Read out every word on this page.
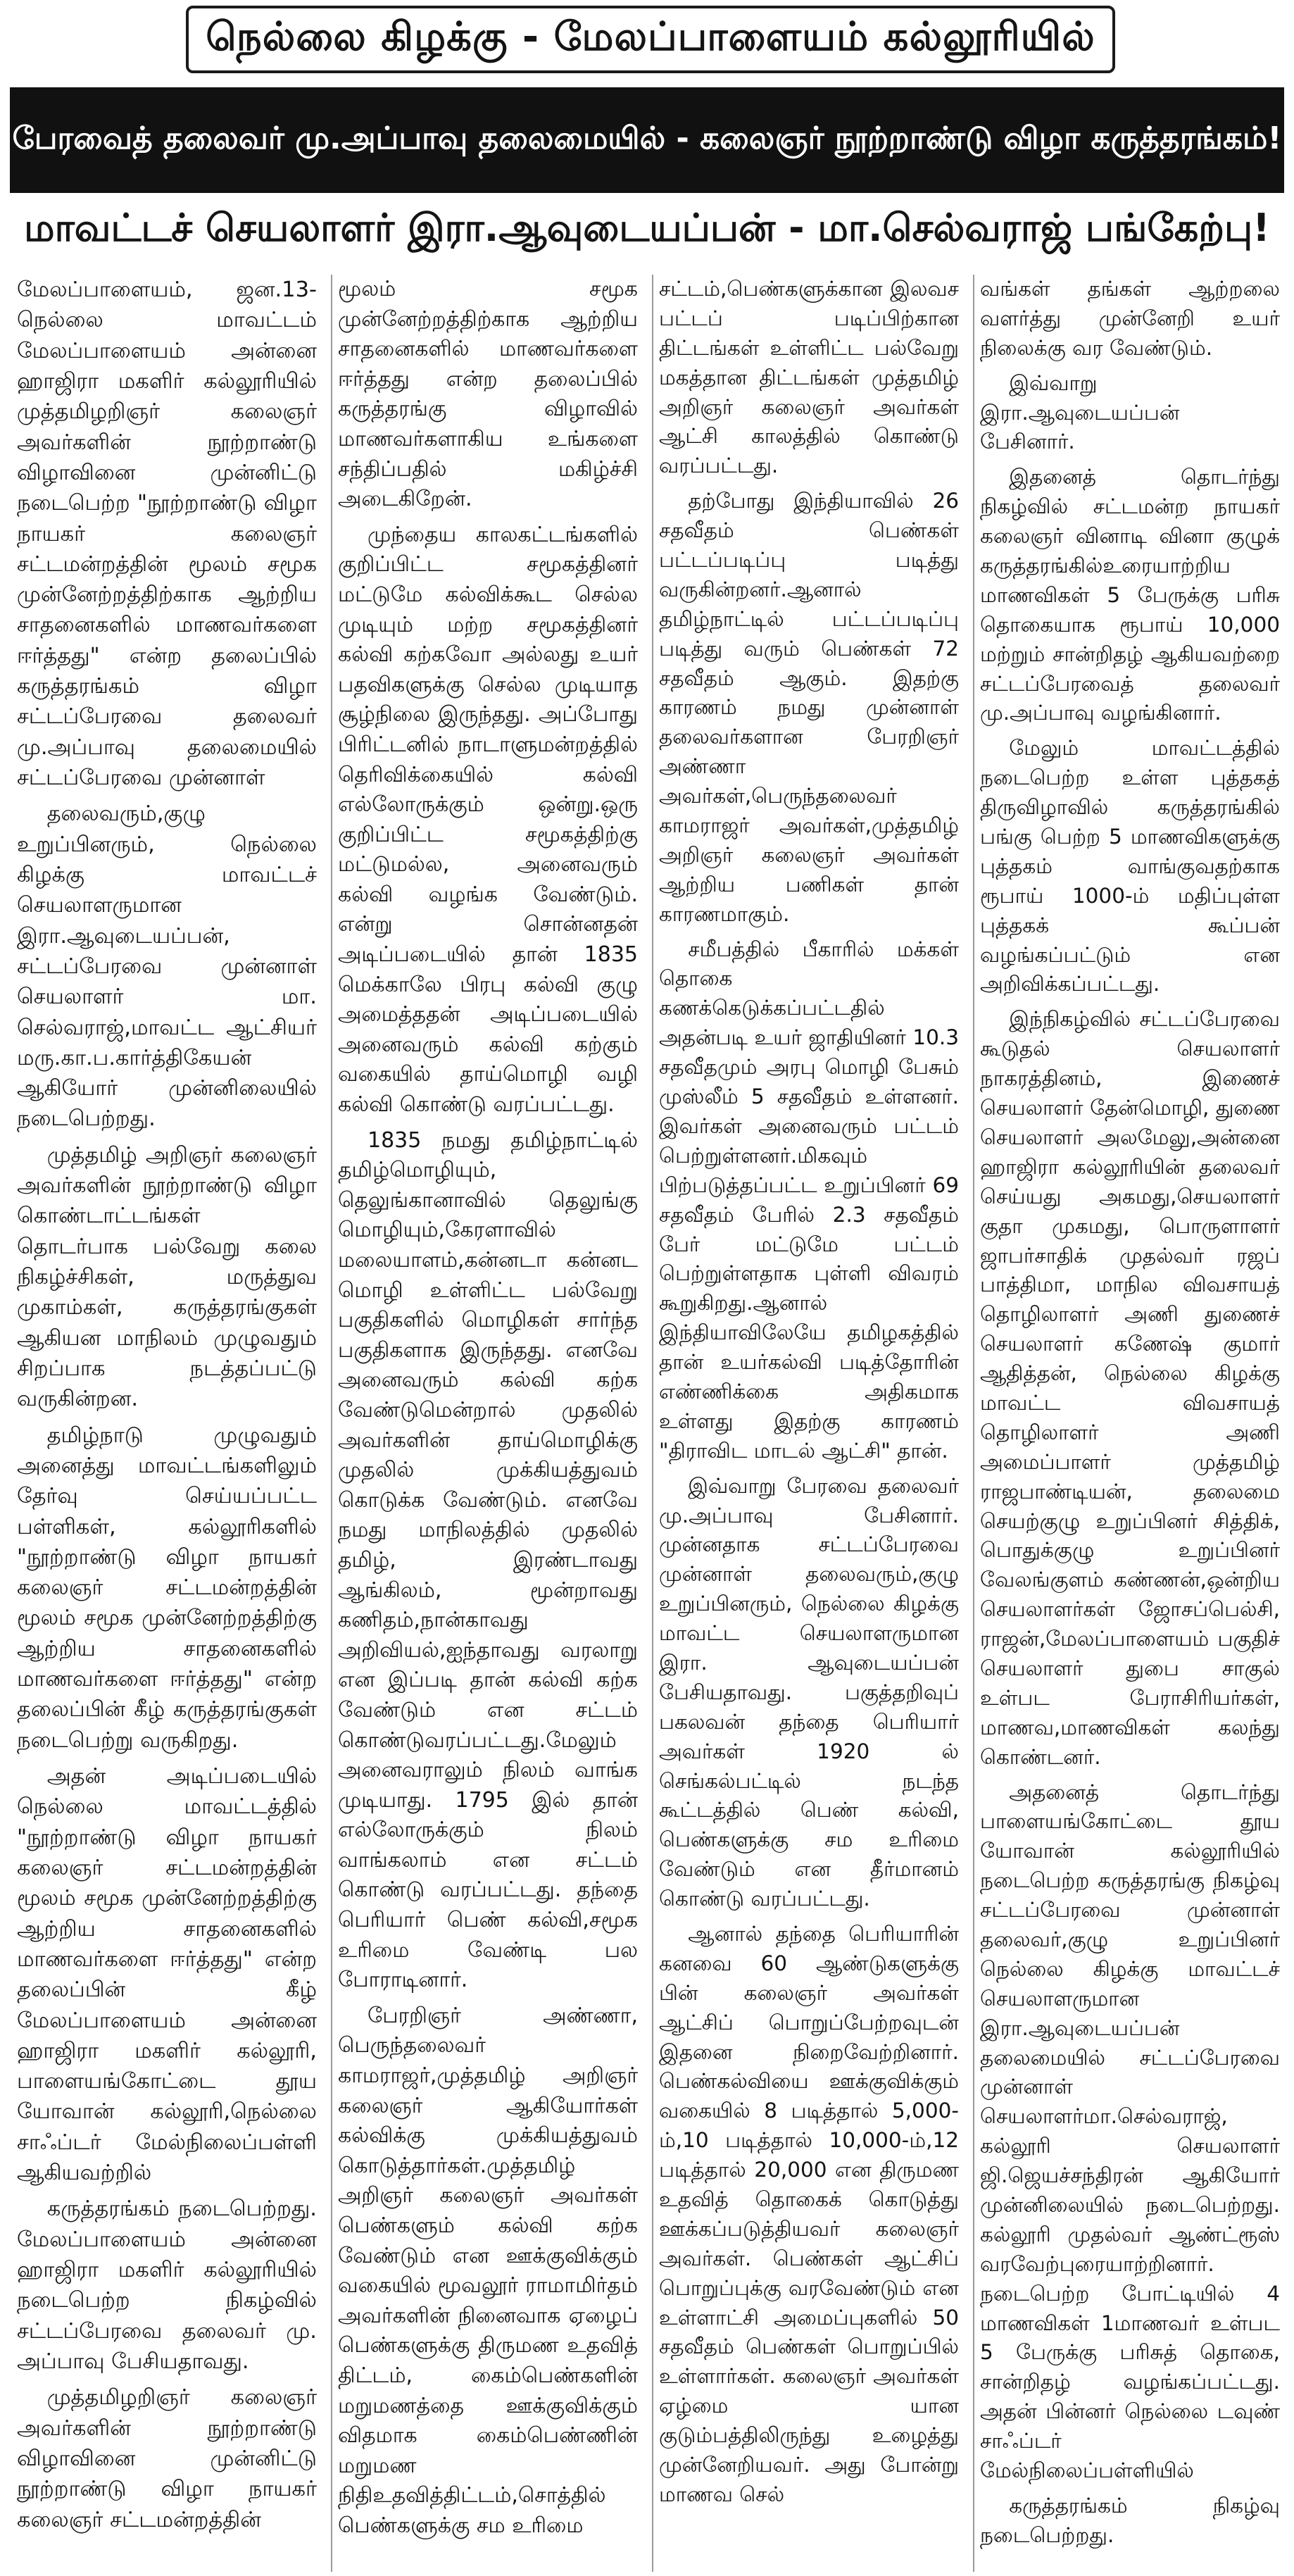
நெல்லை கிழக்கு - மேலப்பாளையம் கல்லூரியில்
பேரவைத் தலைவர் மு.அப்பாவு தலைமையில் - கலைஞர் நூற்றாண்டு விழா கருத்தரங்கம்!
மாவட்டச் செயலாளர் இரா.ஆவுடையப்பன் - மா.செல்வராஜ் பங்கேற்பு!

மேலப்பாளையம், ஜன.13- நெல்லை மாவட்டம் மேலப்பாளையம் அன்னை ஹாஜிரா மகளிர் கல்லூரியில் முத்தமிழறிஞர் கலைஞர் அவர்களின் நூற்றாண்டு விழாவினை முன்னிட்டு நடைபெற்ற "நூற்றாண்டு விழா நாயகர் கலைஞர் சட்டமன்றத்தின் மூலம் சமூக முன்னேற்றத்திற்காக ஆற்றிய சாதனைகளில் மாணவர்களை ஈர்த்தது" என்ற தலைப்பில் கருத்தரங்கம் விழா சட்டப்பேரவை தலைவர் மு.அப்பாவு தலைமையில் சட்டப்பேரவை முன்னாள்

தலைவரும்,குழு உறுப்பினரும், நெல்லை கிழக்கு மாவட்டச் செயலாளருமான இரா.ஆவுடையப்பன், சட்டப்பேரவை முன்னாள் செயலாளர் மா. செல்வராஜ்,மாவட்ட ஆட்சியர் மரு.கா.ப.கார்த்திகேயன் ஆகியோர் முன்னிலையில் நடைபெற்றது.

முத்தமிழ் அறிஞர் கலைஞர் அவர்களின் நூற்றாண்டு விழா கொண்டாட்டங்கள் தொடர்பாக பல்வேறு கலை நிகழ்ச்சிகள், மருத்துவ முகாம்கள், கருத்தரங்குகள் ஆகியன மாநிலம் முழுவதும் சிறப்பாக நடத்தப்பட்டு வருகின்றன.

தமிழ்நாடு முழுவதும் அனைத்து மாவட்டங்களிலும் தேர்வு செய்யப்பட்ட பள்ளிகள், கல்லூரிகளில் "நூற்றாண்டு விழா நாயகர் கலைஞர் சட்டமன்றத்தின் மூலம் சமூக முன்னேற்றத்திற்கு ஆற்றிய சாதனைகளில் மாணவர்களை ஈர்த்தது" என்ற தலைப்பின் கீழ் கருத்தரங்குகள் நடைபெற்று வருகிறது.

அதன் அடிப்படையில் நெல்லை மாவட்டத்தில் "நூற்றாண்டு விழா நாயகர் கலைஞர் சட்டமன்றத்தின் மூலம் சமூக முன்னேற்றத்திற்கு ஆற்றிய சாதனைகளில் மாணவர்களை ஈர்த்தது" என்ற தலைப்பின் கீழ் மேலப்பாளையம் அன்னை ஹாஜிரா மகளிர் கல்லூரி, பாளையங்கோட்டை தூய யோவான் கல்லூரி,நெல்லை சாஃப்டர் மேல்நிலைப்பள்ளி ஆகியவற்றில்

கருத்தரங்கம் நடைபெற்றது. மேலப்பாளையம் அன்னை ஹாஜிரா மகளிர் கல்லூரியில் நடைபெற்ற நிகழ்வில் சட்டப்பேரவை தலைவர் மு. அப்பாவு பேசியதாவது.

முத்தமிழறிஞர் கலைஞர் அவர்களின் நூற்றாண்டு விழாவினை முன்னிட்டு நூற்றாண்டு விழா நாயகர் கலைஞர் சட்டமன்றத்தின்

மூலம் சமூக முன்னேற்றத்திற்காக ஆற்றிய சாதனைகளில் மாணவர்களை ஈர்த்தது என்ற தலைப்பில் கருத்தரங்கு விழாவில் மாணவர்களாகிய உங்களை சந்திப்பதில் மகிழ்ச்சி அடைகிறேன்.

முந்தைய காலகட்டங்களில் குறிப்பிட்ட சமூகத்தினர் மட்டுமே கல்விக்கூட செல்ல முடியும் மற்ற சமூகத்தினர் கல்வி கற்கவோ அல்லது உயர் பதவிகளுக்கு செல்ல முடியாத சூழ்நிலை இருந்தது. அப்போது பிரிட்டனில் நாடாளுமன்றத்தில் தெரிவிக்கையில் கல்வி எல்லோருக்கும் ஒன்று.ஒரு குறிப்பிட்ட சமூகத்திற்கு மட்டுமல்ல, அனைவரும் கல்வி வழங்க வேண்டும். என்று சொன்னதன் அடிப்படையில் தான் 1835 மெக்காலே பிரபு கல்வி குழு அமைத்ததன் அடிப்படையில் அனைவரும் கல்வி கற்கும் வகையில் தாய்மொழி வழி கல்வி கொண்டு வரப்பட்டது.

1835 நமது தமிழ்நாட்டில் தமிழ்மொழியும், தெலுங்கானாவில் தெலுங்கு மொழியும்,கேரளாவில் மலையாளம்,கன்னடா கன்னட மொழி உள்ளிட்ட பல்வேறு பகுதிகளில் மொழிகள் சார்ந்த பகுதிகளாக இருந்தது. எனவே அனைவரும் கல்வி கற்க வேண்டுமென்றால் முதலில் அவர்களின் தாய்மொழிக்கு முதலில் முக்கியத்துவம் கொடுக்க வேண்டும். எனவே நமது மாநிலத்தில் முதலில் தமிழ், இரண்டாவது ஆங்கிலம், மூன்றாவது கணிதம்,நான்காவது அறிவியல்,ஐந்தாவது வரலாறு என இப்படி தான் கல்வி கற்க வேண்டும் என சட்டம் கொண்டுவரப்பட்டது.மேலும் அனைவராலும் நிலம் வாங்க முடியாது. 1795 இல் தான் எல்லோருக்கும் நிலம் வாங்கலாம் என சட்டம் கொண்டு வரப்பட்டது. தந்தை பெரியார் பெண் கல்வி,சமூக உரிமை வேண்டி பல போராடினார்.

பேரறிஞர் அண்ணா, பெருந்தலைவர் காமராஜர்,முத்தமிழ் அறிஞர் கலைஞர் ஆகியோர்கள் கல்விக்கு முக்கியத்துவம் கொடுத்தார்கள்.முத்தமிழ் அறிஞர் கலைஞர் அவர்கள் பெண்களும் கல்வி கற்க வேண்டும் என ஊக்குவிக்கும் வகையில் மூவலூர் ராமாமிர்தம் அவர்களின் நினைவாக ஏழைப் பெண்களுக்கு திருமண உதவித் திட்டம், கைம்பெண்களின் மறுமணத்தை ஊக்குவிக்கும் விதமாக கைம்பெண்ணின் மறுமண நிதிஉதவித்திட்டம்,சொத்தில் பெண்களுக்கு சம உரிமை

சட்டம்,பெண்களுக்கான இலவச பட்டப் படிப்பிற்கான திட்டங்கள் உள்ளிட்ட பல்வேறு மகத்தான திட்டங்கள் முத்தமிழ் அறிஞர் கலைஞர் அவர்கள் ஆட்சி காலத்தில் கொண்டு வரப்பட்டது.

தற்போது இந்தியாவில் 26 சதவீதம் பெண்கள் பட்டப்படிப்பு படித்து வருகின்றனர்.ஆனால் தமிழ்நாட்டில் பட்டப்படிப்பு படித்து வரும் பெண்கள் 72 சதவீதம் ஆகும். இதற்கு காரணம் நமது முன்னாள் தலைவர்களான பேரறிஞர் அண்ணா அவர்கள்,பெருந்தலைவர் காமராஜர் அவர்கள்,முத்தமிழ் அறிஞர் கலைஞர் அவர்கள் ஆற்றிய பணிகள் தான் காரணமாகும்.

சமீபத்தில் பீகாரில் மக்கள் தொகை கணக்கெடுக்கப்பட்டதில் அதன்படி உயர் ஜாதியினர் 10.3 சதவீதமும் அரபு மொழி பேசும் முஸ்லீம் 5 சதவீதம் உள்ளனர். இவர்கள் அனைவரும் பட்டம் பெற்றுள்ளனர்.மிகவும் பிற்படுத்தப்பட்ட உறுப்பினர் 69 சதவீதம் பேரில் 2.3 சதவீதம் பேர் மட்டுமே பட்டம் பெற்றுள்ளதாக புள்ளி விவரம் கூறுகிறது.ஆனால் இந்தியாவிலேயே தமிழகத்தில் தான் உயர்கல்வி படித்தோரின் எண்ணிக்கை அதிகமாக உள்ளது இதற்கு காரணம் "திராவிட மாடல் ஆட்சி" தான்.

இவ்வாறு பேரவை தலைவர் மு.அப்பாவு பேசினார். முன்னதாக சட்டப்பேரவை முன்னாள் தலைவரும்,குழு உறுப்பினரும், நெல்லை கிழக்கு மாவட்ட செயலாளருமான இரா. ஆவுடையப்பன் பேசியதாவது. பகுத்தறிவுப் பகலவன் தந்தை பெரியார் அவர்கள் 1920 ல் செங்கல்பட்டில் நடந்த கூட்டத்தில் பெண் கல்வி, பெண்களுக்கு சம உரிமை வேண்டும் என தீர்மானம் கொண்டு வரப்பட்டது.

ஆனால் தந்தை பெரியாரின் கனவை 60 ஆண்டுகளுக்கு பின் கலைஞர் அவர்கள் ஆட்சிப் பொறுப்பேற்றவுடன் இதனை நிறைவேற்றினார். பெண்கல்வியை ஊக்குவிக்கும் வகையில் 8 படித்தால் 5,000-ம்,10 படித்தால் 10,000-ம்,12 படித்தால் 20,000 என திருமண உதவித் தொகைக் கொடுத்து ஊக்கப்படுத்தியவர் கலைஞர் அவர்கள். பெண்கள் ஆட்சிப் பொறுப்புக்கு வரவேண்டும் என உள்ளாட்சி அமைப்புகளில் 50 சதவீதம் பெண்கள் பொறுப்பில் உள்ளார்கள். கலைஞர் அவர்கள் ஏழ்மை யான குடும்பத்திலிருந்து உழைத்து முன்னேறியவர். அது போன்று மாணவ செல்

வங்கள் தங்கள் ஆற்றலை வளர்த்து முன்னேறி உயர் நிலைக்கு வர வேண்டும்.

இவ்வாறு இரா.ஆவுடையப்பன் பேசினார்.

இதனைத் தொடர்ந்து நிகழ்வில் சட்டமன்ற நாயகர் கலைஞர் வினாடி வினா குழுக் கருத்தரங்கில்உரையாற்றிய மாணவிகள் 5 பேருக்கு பரிசு தொகையாக ரூபாய் 10,000 மற்றும் சான்றிதழ் ஆகியவற்றை சட்டப்பேரவைத் தலைவர் மு.அப்பாவு வழங்கினார்.

மேலும் மாவட்டத்தில் நடைபெற்ற உள்ள புத்தகத் திருவிழாவில் கருத்தரங்கில் பங்கு பெற்ற 5 மாணவிகளுக்கு புத்தகம் வாங்குவதற்காக ரூபாய் 1000-ம் மதிப்புள்ள புத்தகக் கூப்பன் வழங்கப்பட்டும் என அறிவிக்கப்பட்டது.

இந்நிகழ்வில் சட்டப்பேரவை கூடுதல் செயலாளர் நாகரத்தினம், இணைச் செயலாளர் தேன்மொழி, துணை செயலாளர் அலமேலு,அன்னை ஹாஜிரா கல்லூரியின் தலைவர் செய்யது அகமது,செயலாளர் குதா முகமது, பொருளாளர் ஜாபர்சாதிக் முதல்வர் ரஜப் பாத்திமா, மாநில விவசாயத் தொழிலாளர் அணி துணைச் செயலாளர் கணேஷ் குமார் ஆதித்தன், நெல்லை கிழக்கு மாவட்ட விவசாயத் தொழிலாளர் அணி அமைப்பாளர் முத்தமிழ் ராஜபாண்டியன், தலைமை செயற்குழு உறுப்பினர் சித்திக், பொதுக்குழு உறுப்பினர் வேலங்குளம் கண்ணன்,ஒன்றிய செயலாளர்கள் ஜோசப்பெல்சி, ராஜன்,மேலப்பாளையம் பகுதிச் செயலாளர் துபை சாகுல் உள்பட பேராசிரியர்கள், மாணவ,மாணவிகள் கலந்து கொண்டனர்.

அதனைத் தொடர்ந்து பாளையங்கோட்டை தூய யோவான் கல்லூரியில் நடைபெற்ற கருத்தரங்கு நிகழ்வு சட்டப்பேரவை முன்னாள் தலைவர்,குழு உறுப்பினர் நெல்லை கிழக்கு மாவட்டச் செயலாளருமான இரா.ஆவுடையப்பன் தலைமையில் சட்டப்பேரவை முன்னாள் செயலாளர்மா.செல்வராஜ், கல்லூரி செயலாளர் ஜி.ஜெயச்சந்திரன் ஆகியோர் முன்னிலையில் நடைபெற்றது. கல்லூரி முதல்வர் ஆண்ட்ரூஸ் வரவேற்புரையாற்றினார். நடைபெற்ற போட்டியில் 4 மாணவிகள் 1மாணவர் உள்பட 5 பேருக்கு பரிசுத் தொகை, சான்றிதழ் வழங்கப்பட்டது. அதன் பின்னர் நெல்லை டவுண் சாஃப்டர் மேல்நிலைப்பள்ளியில்

கருத்தரங்கம் நிகழ்வு நடைபெற்றது.
